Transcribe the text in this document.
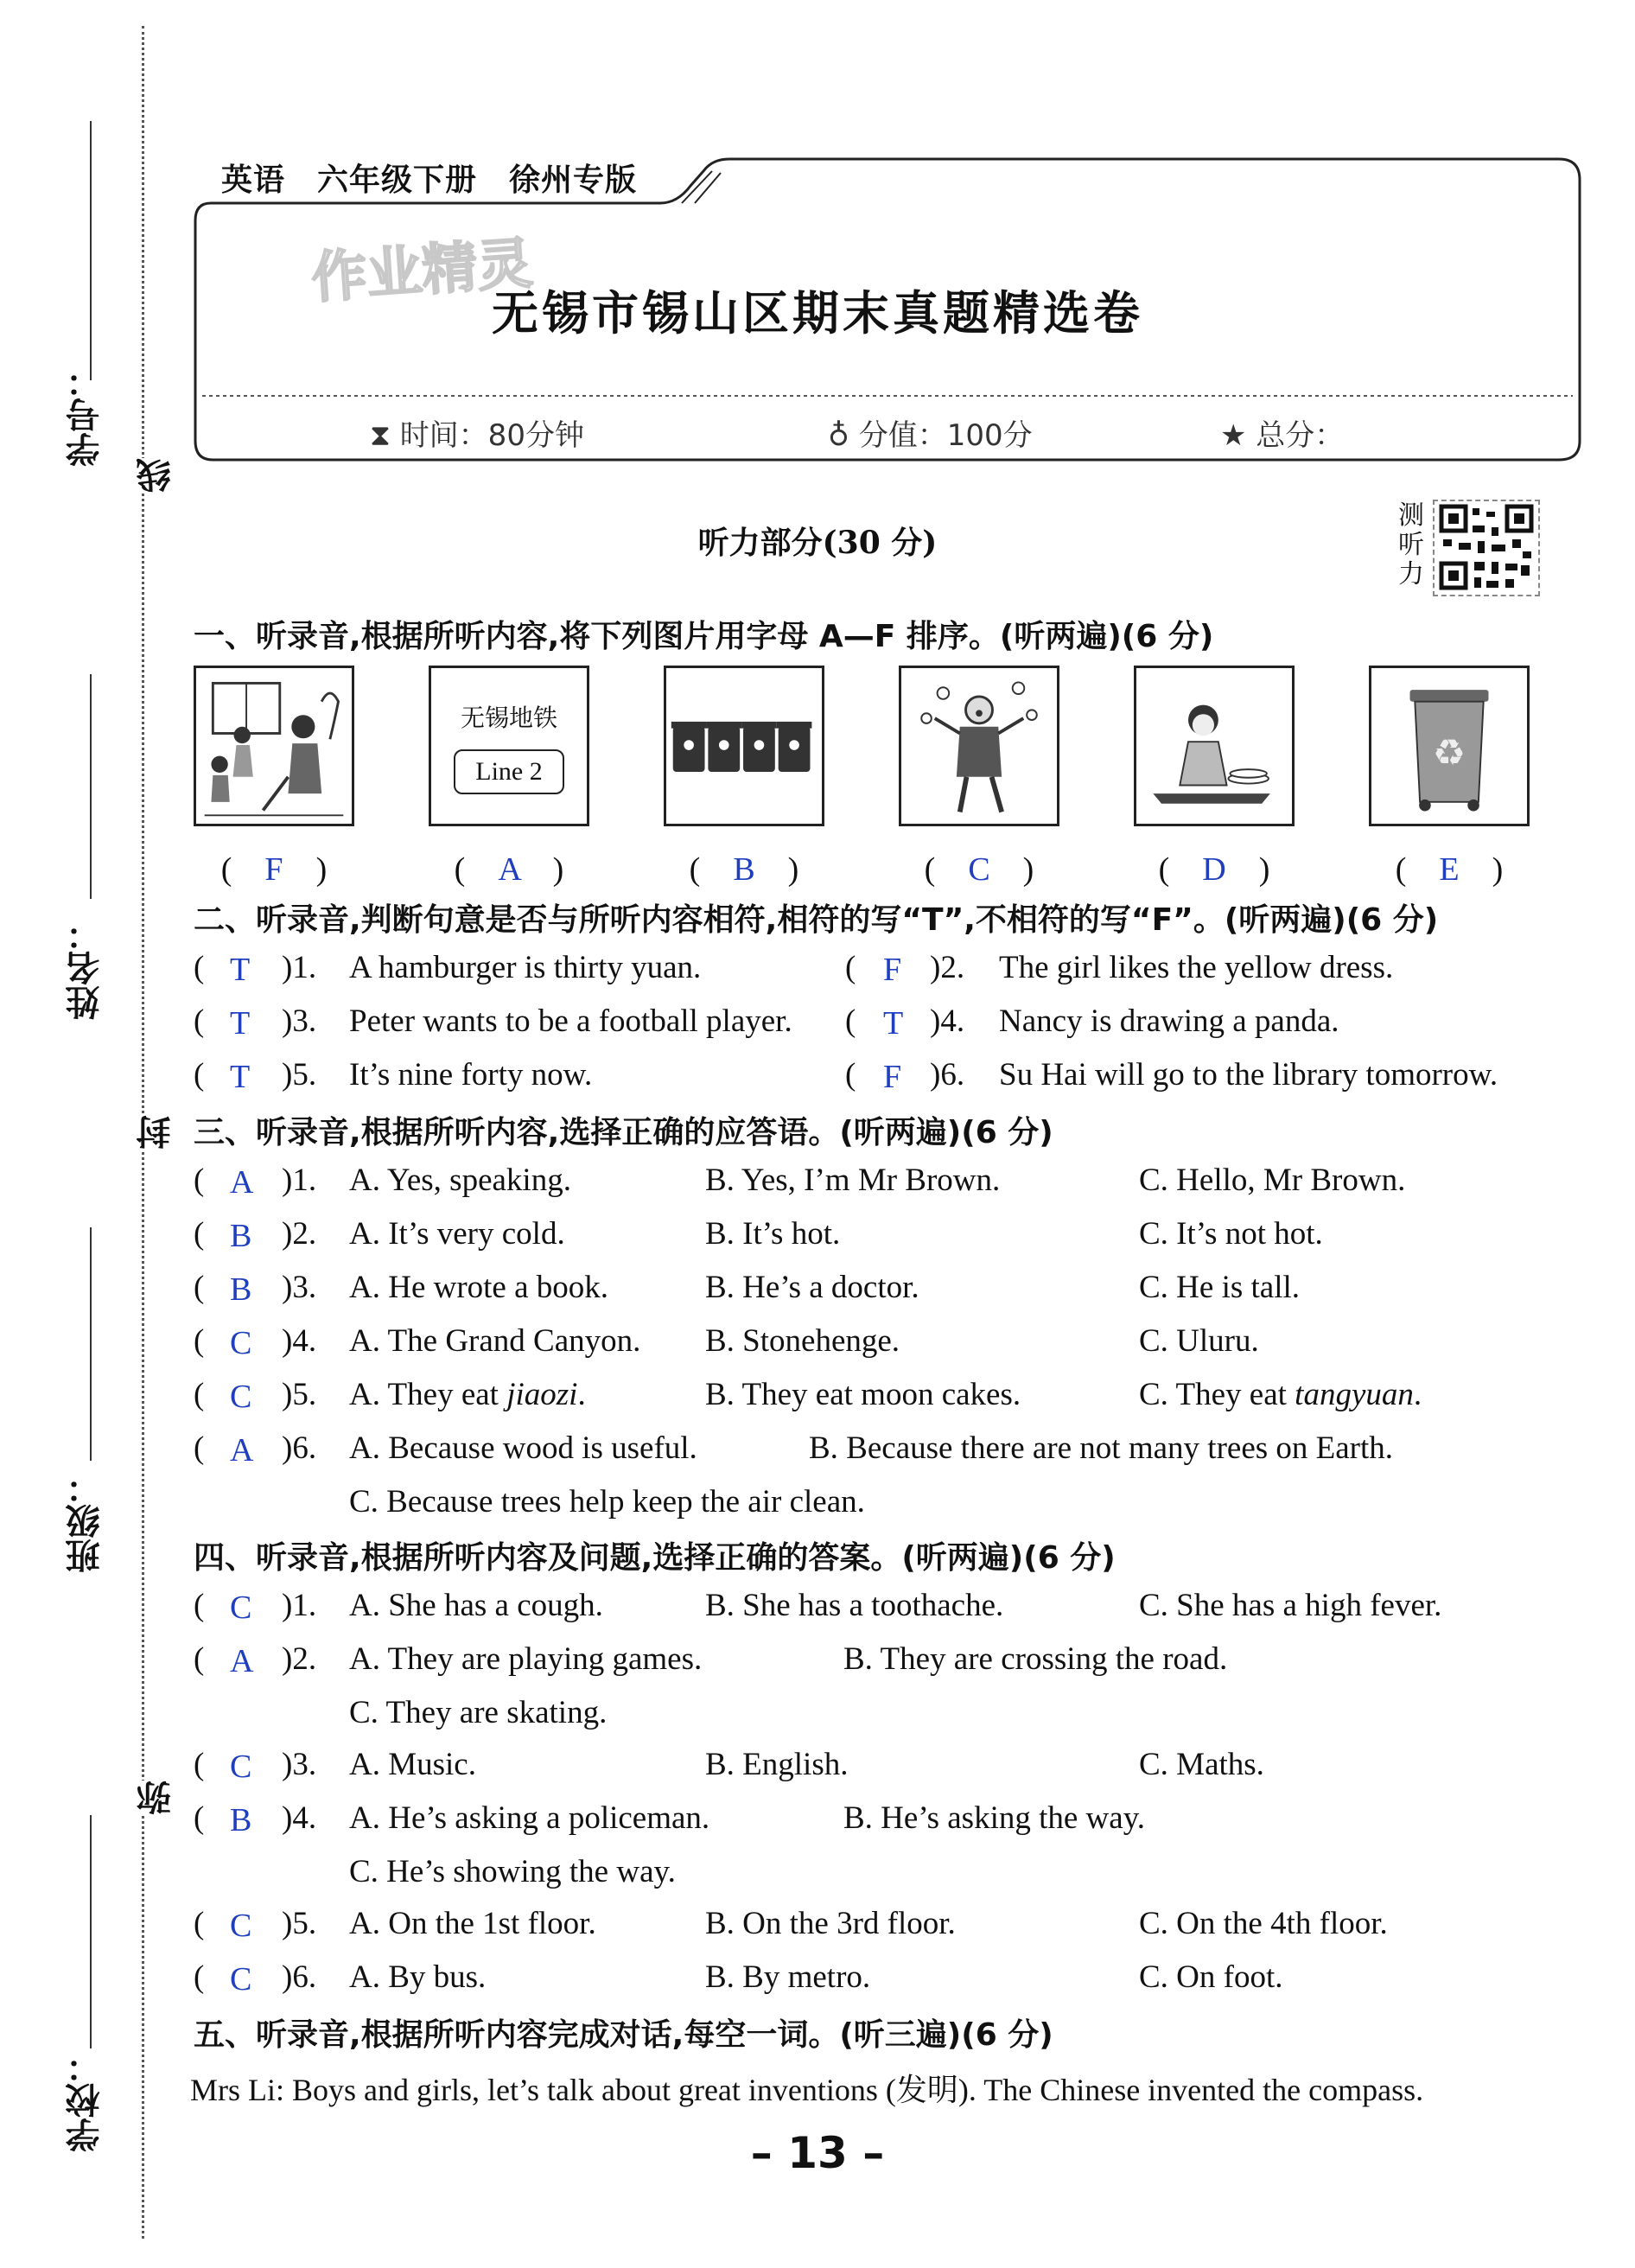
学号：
姓名：
班级：
学校：
线
封
弥
英语　六年级下册　徐州专版
作业精灵
无锡市锡山区期末真题精选卷
⧗ 时间：80分钟	♁ 分值：100分	★ 总分：
听力部分(30 分)
测听力
一、听录音,根据所听内容,将下列图片用字母 A—F 排序。(听两遍)(6 分)
无锡地铁
Line 2	♻
(　F　)	(　A　)	(　B　)	(　C　)	(　D　)	(　E　)
二、听录音,判断句意是否与所听内容相符,相符的写“T”,不相符的写“F”。(听两遍)(6 分)
( T )1. A hamburger is thirty yuan.	( F )2. The girl likes the yellow dress.
( T )3. Peter wants to be a football player. ( T )4. Nancy is drawing a panda.
( T )5. It’s nine forty now.	( F )6. Su Hai will go to the library tomorrow.
三、听录音,根据所听内容,选择正确的应答语。(听两遍)(6 分)
( A )1. A. Yes, speaking.	B. Yes, I’m Mr Brown.	C. Hello, Mr Brown.
( B )2. A. It’s very cold.	B. It’s hot.	C. It’s not hot.
( B )3. A. He wrote a book.	B. He’s a doctor.	C. He is tall.
( C )4. A. The Grand Canyon. B. Stonehenge.	C. Uluru.
( C )5. A. They eat jiaozi.	B. They eat moon cakes.	C. They eat tangyuan.
( A )6. A. Because wood is useful.	B. Because there are not many trees on Earth.
C. Because trees help keep the air clean.
四、听录音,根据所听内容及问题,选择正确的答案。(听两遍)(6 分)
( C )1. A. She has a cough.	B. She has a toothache.	C. She has a high fever.
( A )2. A. They are playing games.	B. They are crossing the road.
C. They are skating.
( C )3. A. Music.	B. English.	C. Maths.
( B )4. A. He’s asking a policeman.	B. He’s asking the way.
C. He’s showing the way.
( C )5. A. On the 1st floor.	B. On the 3rd floor.	C. On the 4th floor.
( C )6. A. By bus.	B. By metro.	C. On foot.
五、听录音,根据所听内容完成对话,每空一词。(听三遍)(6 分)
Mrs Li: Boys and girls, let’s talk about great inventions (发明). The Chinese invented the compass.
– 13 –
